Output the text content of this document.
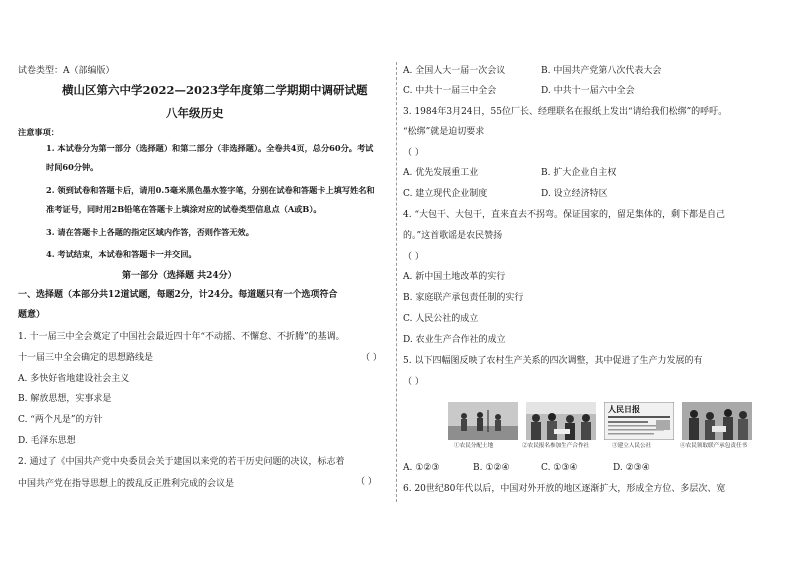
试卷类型：A（部编版）
横山区第六中学2022—2023学年度第二学期期中调研试题
八年级历史
注意事项：
1. 本试卷分为第一部分（选择题）和第二部分（非选择题）。全卷共4页，总分60分。考试
时间60分钟。
2. 领到试卷和答题卡后，请用0.5毫米黑色墨水签字笔，分别在试卷和答题卡上填写姓名和
准考证号，同时用2B铅笔在答题卡上填涂对应的试卷类型信息点（A或B）。
3. 请在答题卡上各题的指定区域内作答，否则作答无效。
4. 考试结束，本试卷和答题卡一并交回。
第一部分（选择题 共24分）
一、选择题（本部分共12道试题，每题2分，计24分。每道题只有一个选项符合
题意）
1. 十一届三中全会奠定了中国社会最近四十年“不动摇、不懈怠、不折腾”的基调。
十一届三中全会确定的思想路线是	（ ）
A. 多快好省地建设社会主义
B. 解放思想，实事求是
C. “两个凡是”的方针
D. 毛泽东思想
2. 通过了《中国共产党中央委员会关于建国以来党的若干历史问题的决议，标志着
中国共产党在指导思想上的拨乱反正胜利完成的会议是	（ ）
A. 全国人大一届一次会议	B. 中国共产党第八次代表大会
C. 中共十一届三中全会	D. 中共十一届六中全会
3. 1984年3月24日，55位厂长、经理联名在报纸上发出“请给我们松绑”的呼吁。
“松绑”就是迫切要求
（ ）
A. 优先发展重工业	B. 扩大企业自主权
C. 建立现代企业制度	D. 设立经济特区
4. “大包干、大包干，直来直去不拐弯。保证国家的，留足集体的，剩下都是自己
的。”这首歌谣是农民赞扬
（ ）
A. 新中国土地改革的实行
B. 家庭联产承包责任制的实行
C. 人民公社的成立
D. 农业生产合作社的成立
5. 以下四幅图反映了农村生产关系的四次调整，其中促进了生产力发展的有
（ ）
人民日报
①农民分配土地	②农民报名参加生产合作社	③建立人民公社	④农民领取联产承包责任书
A. ①②③	B. ①②④	C. ①③④	D. ②③④
6. 20世纪80年代以后，中国对外开放的地区逐渐扩大，形成全方位、多层次、宽
